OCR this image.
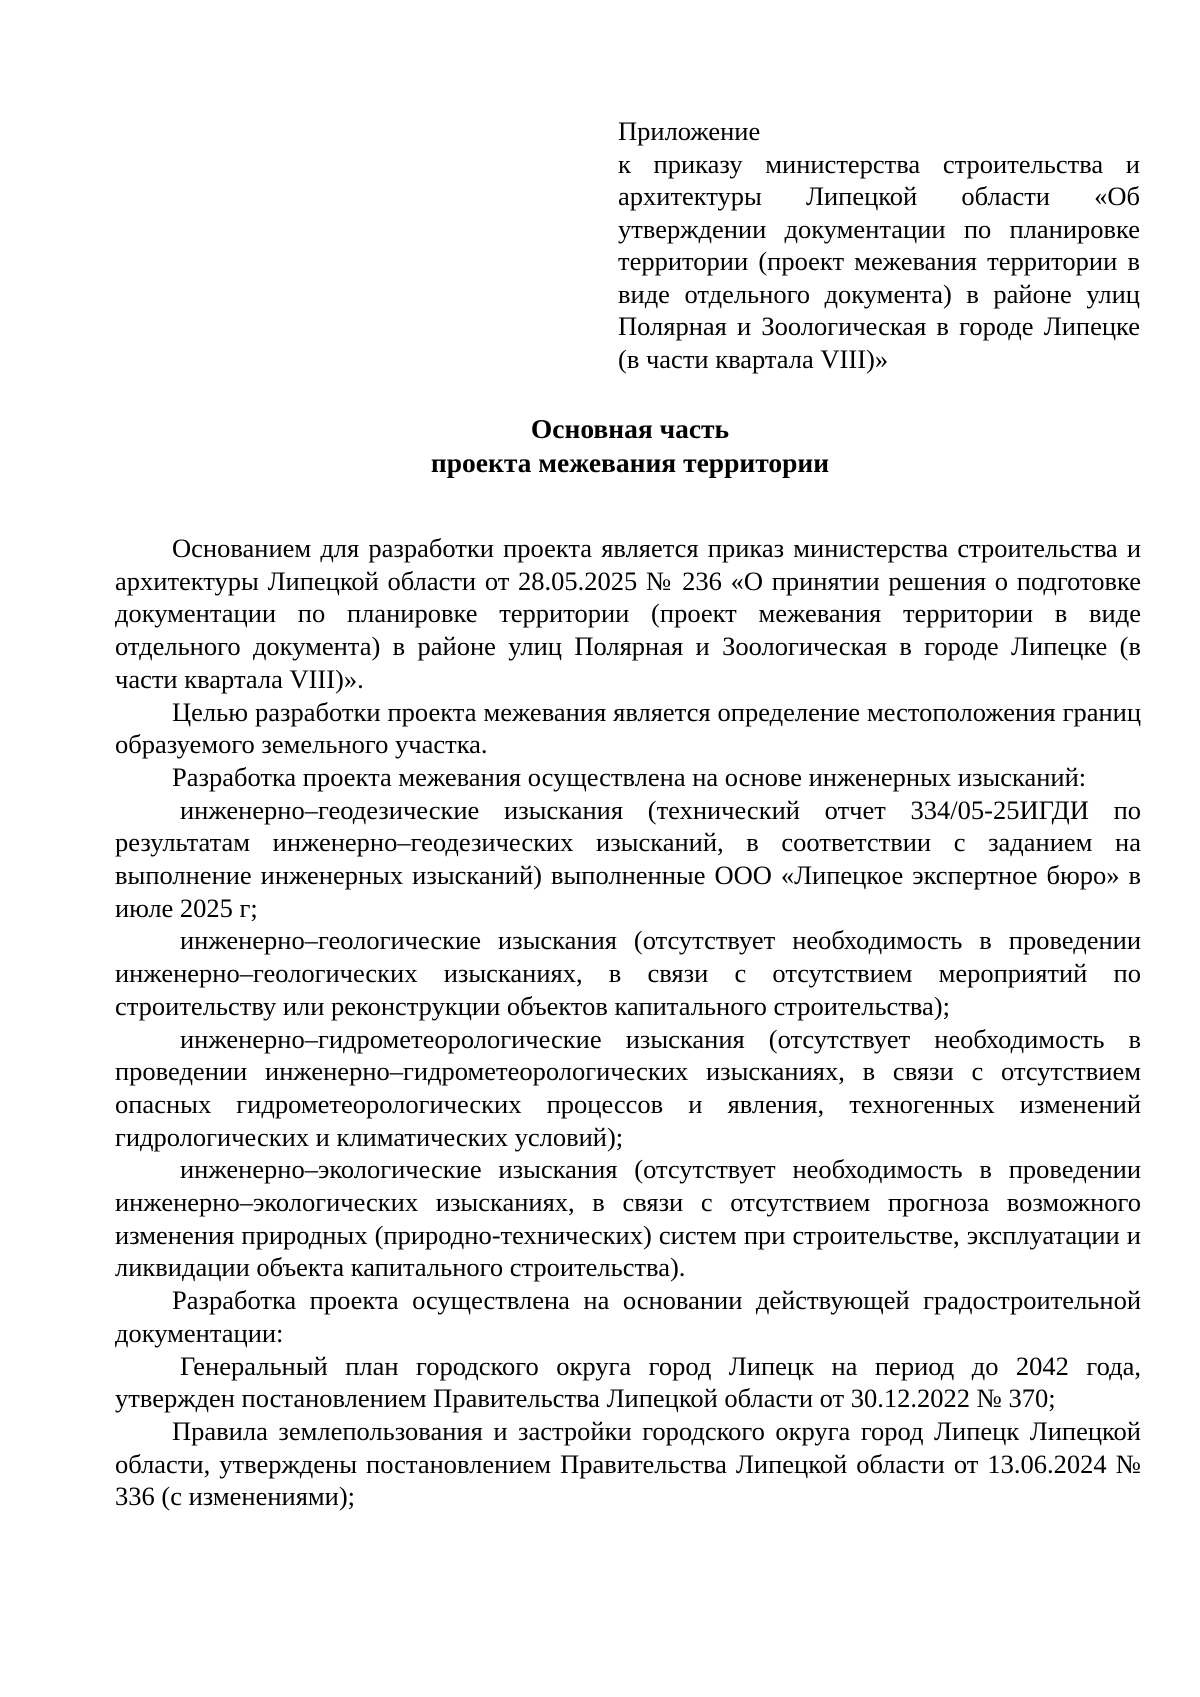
Приложение
к приказу министерства строительства и архитектуры Липецкой области «Об утверждении документации по планировке территории (проект межевания территории в виде отдельного документа) в районе улиц Полярная и Зоологическая в городе Липецке (в части квартала VIII)»
Основная часть
проекта межевания территории

Основанием для разработки проекта является приказ министерства строительства и архитектуры Липецкой области от 28.05.2025 № 236 «О принятии решения о подготовке документации по планировке территории (проект межевания территории в виде отдельного документа) в районе улиц Полярная и Зоологическая в городе Липецке (в части квартала VIII)».

Целью разработки проекта межевания является определение местоположения границ образуемого земельного участка.

Разработка проекта межевания осуществлена на основе инженерных изысканий:

инженерно–геодезические изыскания (технический отчет 334/05-25ИГДИ по результатам инженерно–геодезических изысканий, в соответствии с заданием на выполнение инженерных изысканий) выполненные ООО «Липецкое экспертное бюро» в июле 2025 г;

инженерно–геологические изыскания (отсутствует необходимость в проведении инженерно–геологических изысканиях, в связи с отсутствием мероприятий по строительству или реконструкции объектов капитального строительства);

инженерно–гидрометеорологические изыскания (отсутствует необходимость в проведении инженерно–гидрометеорологических изысканиях, в связи с отсутствием опасных гидрометеорологических процессов и явления, техногенных изменений гидрологических и климатических условий);

инженерно–экологические изыскания (отсутствует необходимость в проведении инженерно–экологических изысканиях, в связи с отсутствием прогноза возможного изменения природных (природно-технических) систем при строительстве, эксплуатации и ликвидации объекта капитального строительства).

Разработка проекта осуществлена на основании действующей градостроительной документации:

Генеральный план городского округа город Липецк на период до 2042 года, утвержден постановлением Правительства Липецкой области от 30.12.2022 № 370;

Правила землепользования и застройки городского округа город Липецк Липецкой области, утверждены постановлением Правительства Липецкой области от 13.06.2024 № 336 (с изменениями);
